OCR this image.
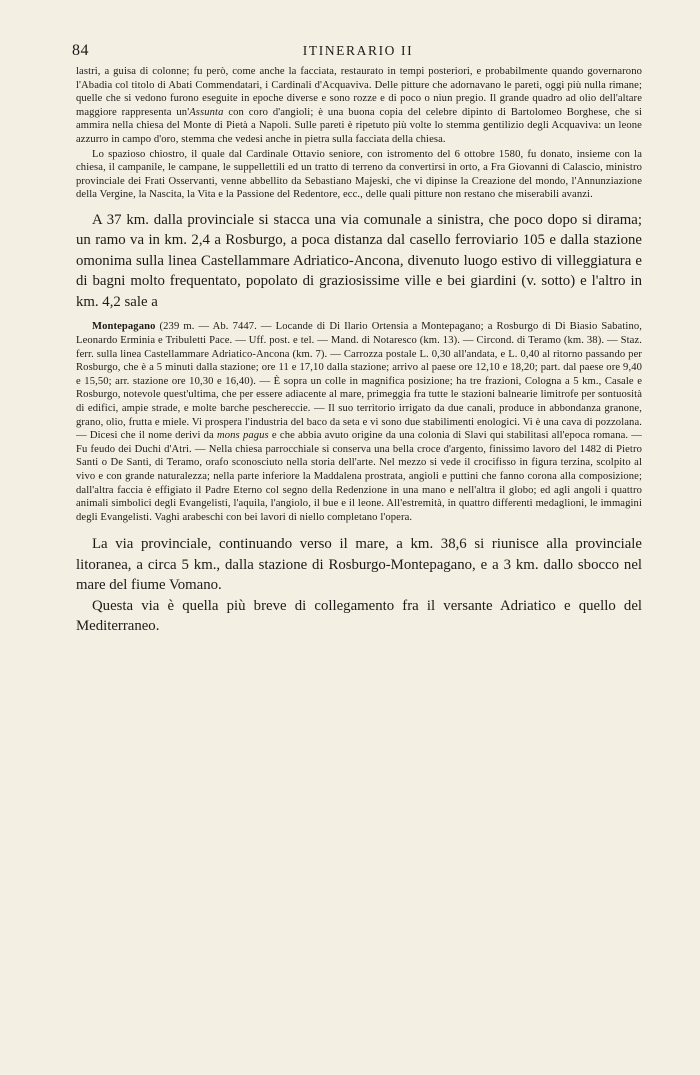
84	ITINERARIO II

lastri, a guisa di colonne; fu però, come anche la facciata, restaurato in tempi posteriori, e probabilmente quando governarono l'Abadia col titolo di Abati Commendatari, i Cardinali d'Acquaviva. Delle pitture che adornavano le pareti, oggi più nulla rimane; quelle che si vedono furono eseguite in epoche diverse e sono rozze e di poco o niun pregio. Il grande quadro ad olio dell'altare maggiore rappresenta un'Assunta con coro d'angioli; è una buona copia del celebre dipinto di Bartolomeo Borghese, che si ammira nella chiesa del Monte di Pietà a Napoli. Sulle pareti è ripetuto più volte lo stemma gentilizio degli Acquaviva: un leone azzurro in campo d'oro, stemma che vedesi anche in pietra sulla facciata della chiesa.

Lo spazioso chiostro, il quale dal Cardinale Ottavio seniore, con istromento del 6 ottobre 1580, fu donato, insieme con la chiesa, il campanile, le campane, le suppellettili ed un tratto di terreno da convertirsi in orto, a Fra Giovanni di Calascio, ministro provinciale dei Frati Osservanti, venne abbellito da Sebastiano Majeski, che vi dipinse la Creazione del mondo, l'Annunziazione della Vergine, la Nascita, la Vita e la Passione del Redentore, ecc., delle quali pitture non restano che miserabili avanzi.

A 37 km. dalla provinciale si stacca una via comunale a sinistra, che poco dopo si dirama; un ramo va in km. 2,4 a Rosburgo, a poca distanza dal casello ferroviario 105 e dalla stazione omonima sulla linea Castellammare Adriatico-Ancona, divenuto luogo estivo di villeggiatura e di bagni molto frequentato, popolato di graziosissime ville e bei giardini (v. sotto) e l'altro in km. 4,2 sale a

Montepagano (239 m. — Ab. 7447. — Locande di Di Ilario Ortensia a Montepagano; a Rosburgo di Di Biasio Sabatino, Leonardo Erminia e Tribuletti Pace. — Uff. post. e tel. — Mand. di Notaresco (km. 13). — Circond. di Teramo (km. 38). — Staz. ferr. sulla linea Castellammare Adriatico-Ancona (km. 7). — Carrozza postale L. 0,30 all'andata, e L. 0,40 al ritorno passando per Rosburgo, che è a 5 minuti dalla stazione; ore 11 e 17,10 dalla stazione; arrivo al paese ore 12,10 e 18,20; part. dal paese ore 9,40 e 15,50; arr. stazione ore 10,30 e 16,40). — È sopra un colle in magnifica posizione; ha tre frazioni, Cologna a 5 km., Casale e Rosburgo, notevole quest'ultima, che per essere adiacente al mare, primeggia fra tutte le stazioni balnearie limitrofe per sontuosità di edifici, ampie strade, e molte barche peschereccie. — Il suo territorio irrigato da due canali, produce in abbondanza granone, grano, olio, frutta e miele. Vi prospera l'industria del baco da seta e vi sono due stabilimenti enologici. Vi è una cava di pozzolana. — Dicesi che il nome derivi da mons pagus e che abbia avuto origine da una colonia di Slavi qui stabilitasi all'epoca romana. — Fu feudo dei Duchi d'Atri. — Nella chiesa parrocchiale si conserva una bella croce d'argento, finissimo lavoro del 1482 di Pietro Santi o De Santi, di Teramo, orafo sconosciuto nella storia dell'arte. Nel mezzo si vede il crocifisso in figura terzina, scolpito al vivo e con grande naturalezza; nella parte inferiore la Maddalena prostrata, angioli e puttini che fanno corona alla composizione; dall'altra faccia è effigiato il Padre Eterno col segno della Redenzione in una mano e nell'altra il globo; ed agli angoli i quattro animali simbolici degli Evangelisti, l'aquila, l'angiolo, il bue e il leone. All'estremità, in quattro differenti medaglioni, le immagini degli Evangelisti. Vaghi arabeschi con bei lavori di niello completano l'opera.

La via provinciale, continuando verso il mare, a km. 38,6 si riunisce alla provinciale litoranea, a circa 5 km., dalla stazione di Rosburgo-Montepagano, e a 3 km. dallo sbocco nel mare del fiume Vomano.

Questa via è quella più breve di collegamento fra il versante Adriatico e quello del Mediterraneo.
